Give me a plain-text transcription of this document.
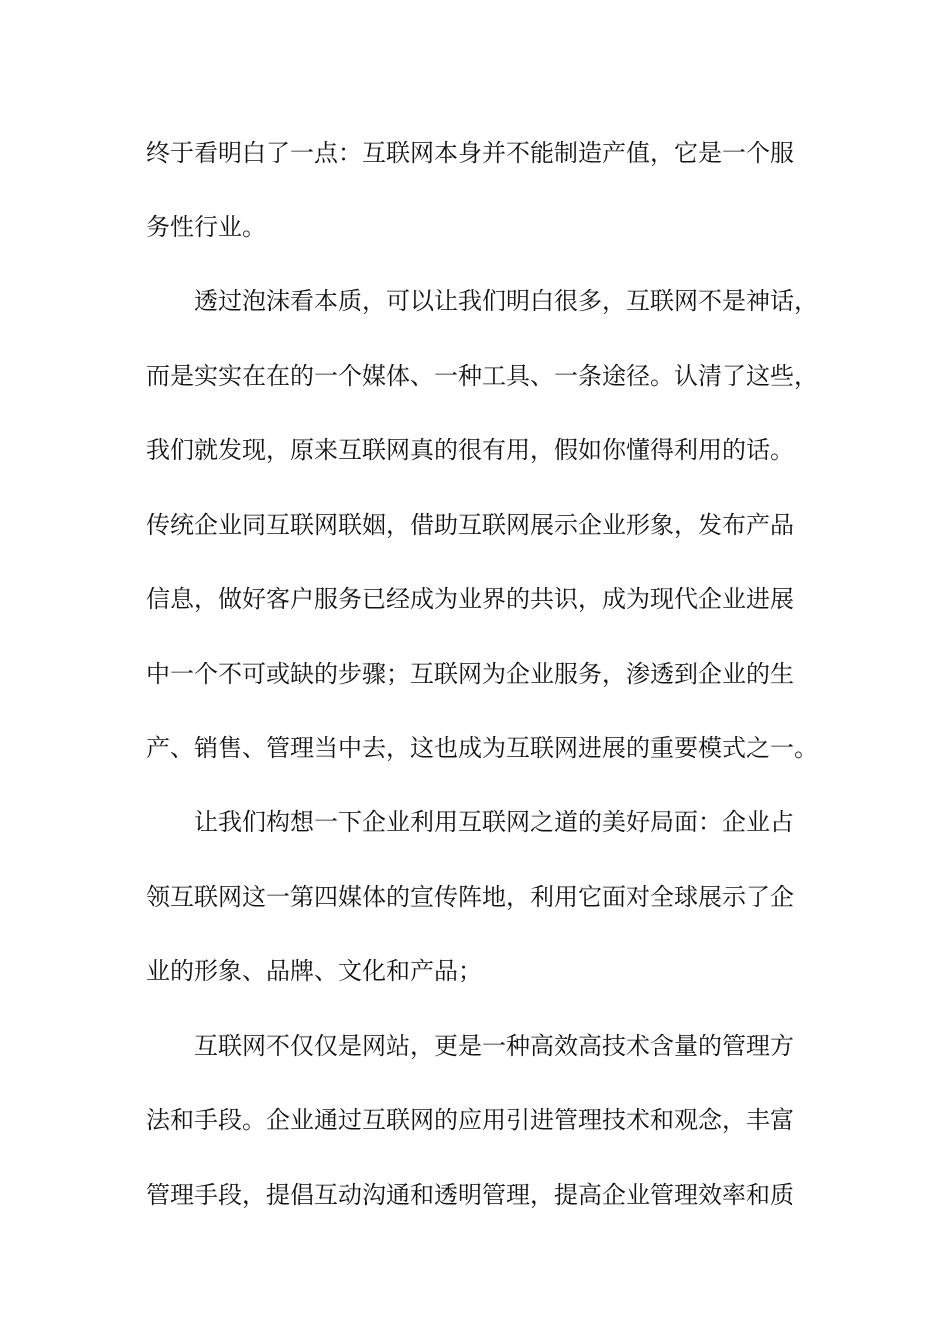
终于看明白了一点：互联网本身并不能制造产值，它是一个服
务性行业。
透过泡沫看本质，可以让我们明白很多，互联网不是神话，
而是实实在在的一个媒体、一种工具、一条途径。认清了这些，
我们就发现，原来互联网真的很有用，假如你懂得利用的话。
传统企业同互联网联姻，借助互联网展示企业形象，发布产品
信息，做好客户服务已经成为业界的共识，成为现代企业进展
中一个不可或缺的步骤；互联网为企业服务，渗透到企业的生
产、销售、管理当中去，这也成为互联网进展的重要模式之一。
让我们构想一下企业利用互联网之道的美好局面：企业占
领互联网这一第四媒体的宣传阵地，利用它面对全球展示了企
业的形象、品牌、文化和产品；
互联网不仅仅是网站，更是一种高效高技术含量的管理方
法和手段。企业通过互联网的应用引进管理技术和观念，丰富
管理手段，提倡互动沟通和透明管理，提高企业管理效率和质
